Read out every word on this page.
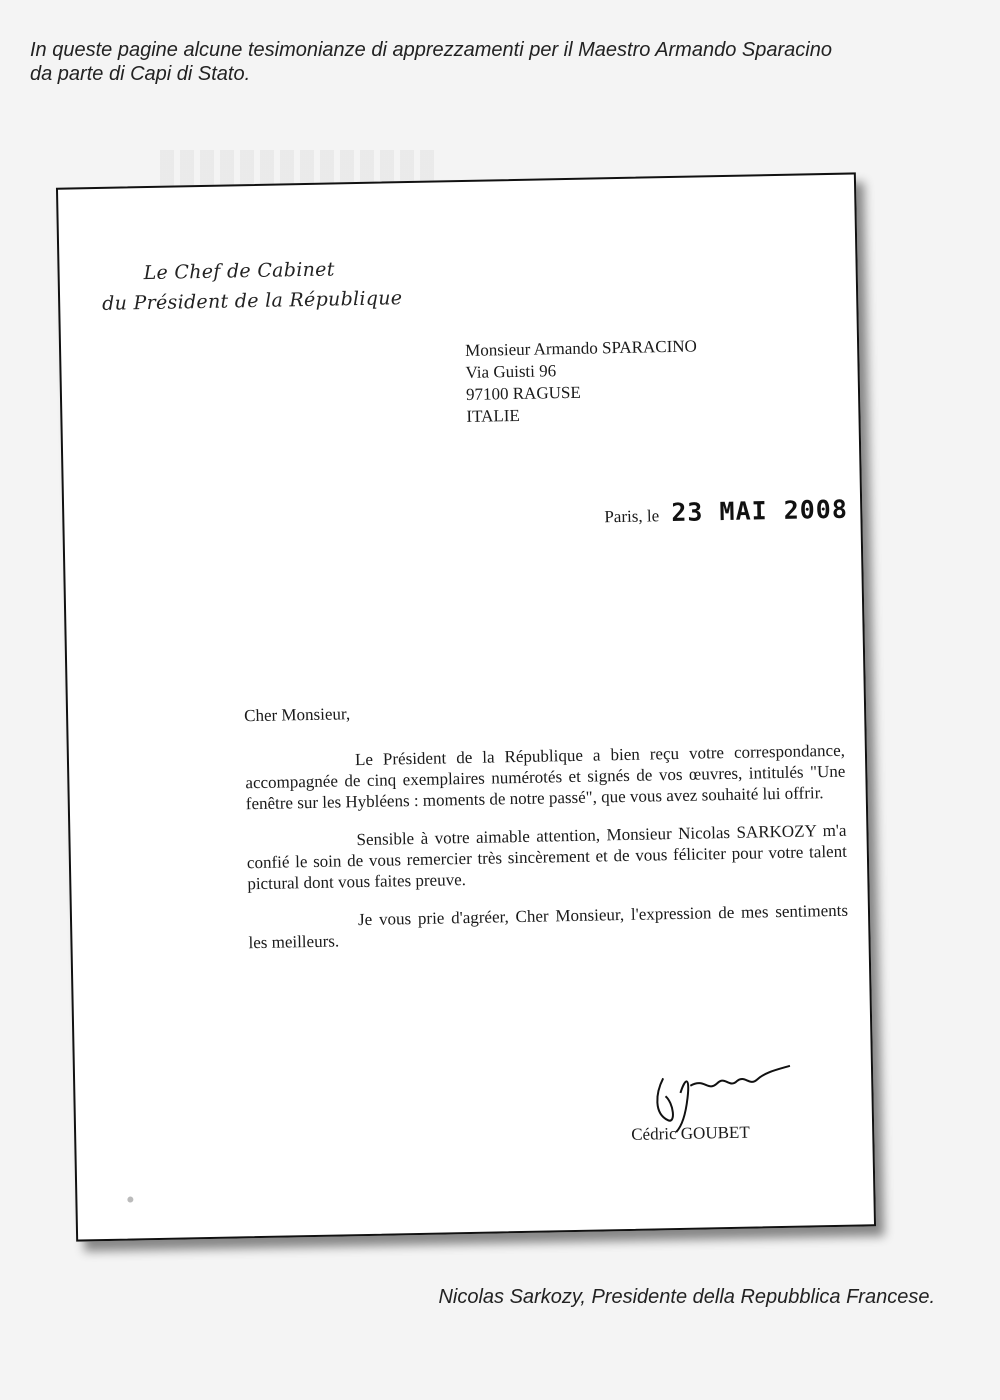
In queste pagine alcune tesimonianze di apprezzamenti per il Maestro Armando Sparacino
da parte di Capi di Stato.
Le Chef de Cabinet
du Président de la République
Monsieur Armando SPARACINO
Via Guisti 96
97100 RAGUSE
ITALIE
Paris, le 23 MAI 2008
Cher Monsieur,

Le Président de la République a bien reçu votre correspondance, accompagnée de cinq exemplaires numérotés et signés de vos œuvres, intitulés "Une fenêtre sur les Hybléens : moments de notre passé", que vous avez souhaité lui offrir.

Sensible à votre aimable attention, Monsieur Nicolas SARKOZY m'a confié le soin de vous remercier très sincèrement et de vous féliciter pour votre talent pictural dont vous faites preuve.

Je vous prie d'agréer, Cher Monsieur, l'expression de mes sentiments les meilleurs.

Cédric GOUBET
Nicolas Sarkozy, Presidente della Repubblica Francese.
